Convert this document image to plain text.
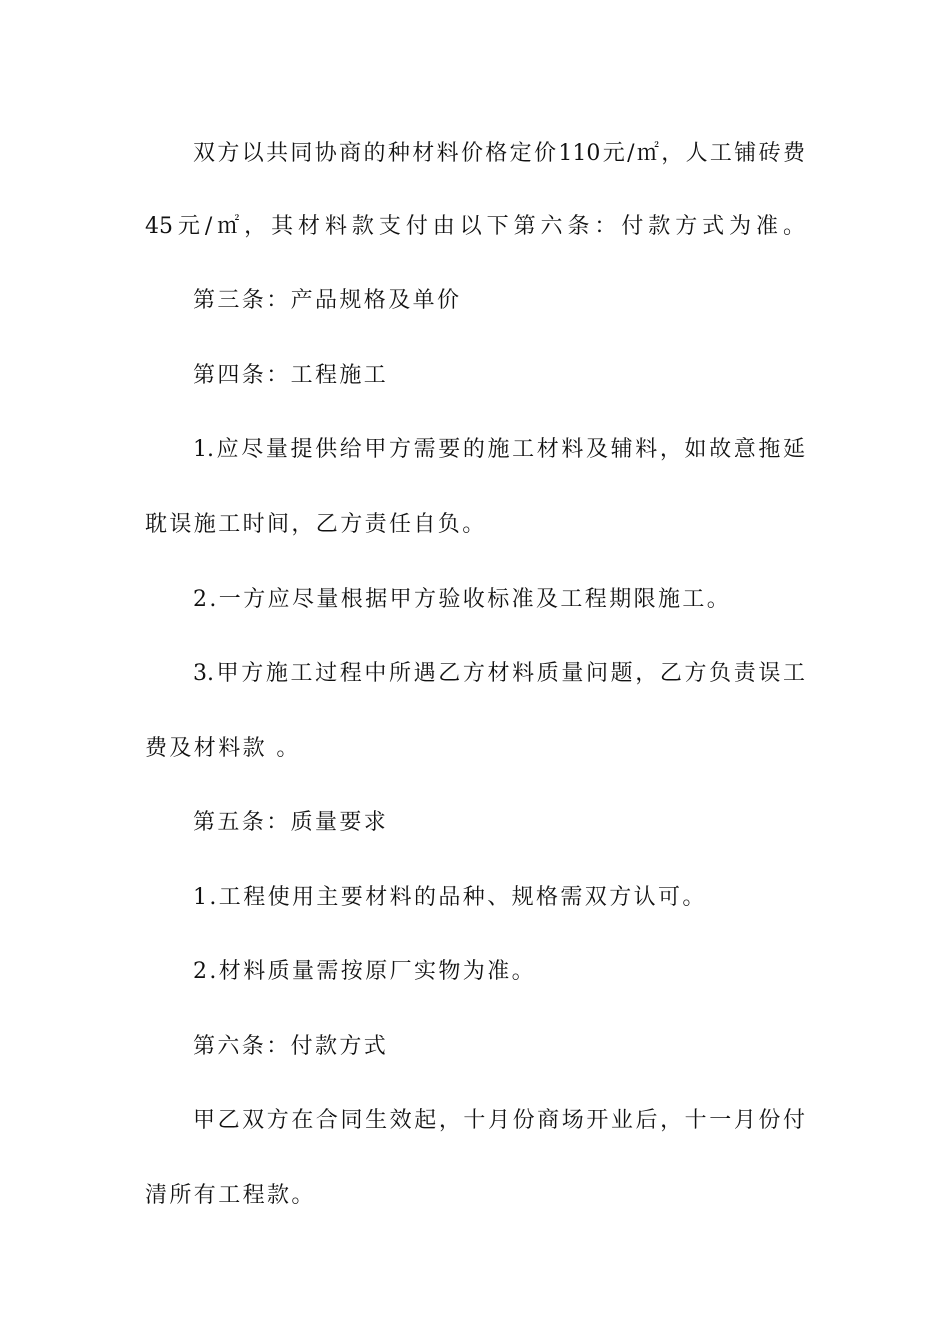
双方以共同协商的种材料价格定价110元/㎡，人工铺砖费
45元/㎡，其材料款支付由以下第六条：付款方式为准。
第三条：产品规格及单价
第四条：工程施工
1.应尽量提供给甲方需要的施工材料及辅料，如故意拖延
耽误施工时间，乙方责任自负。
2.一方应尽量根据甲方验收标准及工程期限施工。
3.甲方施工过程中所遇乙方材料质量问题，乙方负责误工
费及材料款 。
第五条：质量要求
1.工程使用主要材料的品种、规格需双方认可。
2.材料质量需按原厂实物为准。
第六条：付款方式
甲乙双方在合同生效起，十月份商场开业后，十一月份付
清所有工程款。
